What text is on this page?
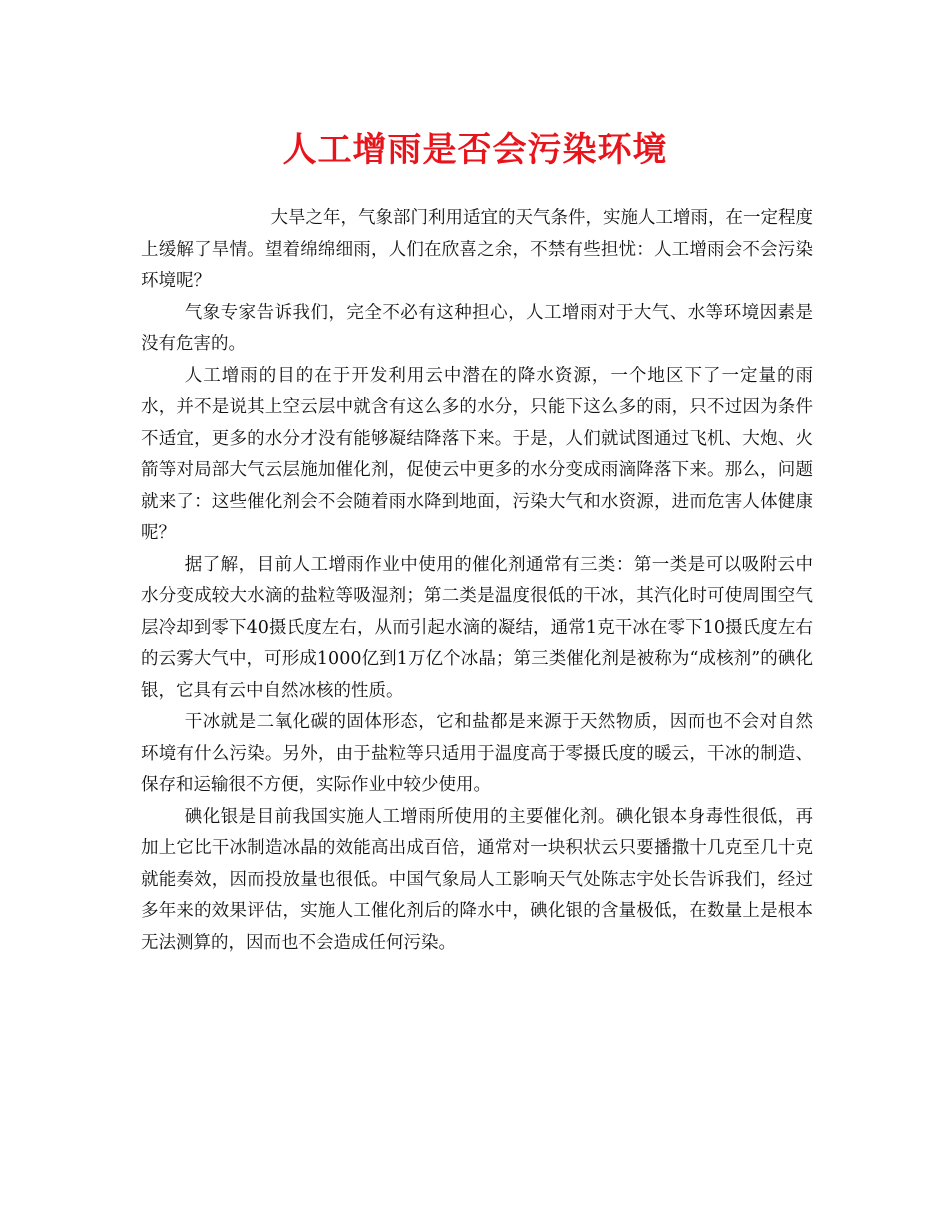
人工增雨是否会污染环境

大旱之年，气象部门利用适宜的天气条件，实施人工增雨，在一定程度上缓解了旱情。望着绵绵细雨，人们在欣喜之余，不禁有些担忧：人工增雨会不会污染环境呢？

气象专家告诉我们，完全不必有这种担心，人工增雨对于大气、水等环境因素是没有危害的。

人工增雨的目的在于开发利用云中潜在的降水资源，一个地区下了一定量的雨水，并不是说其上空云层中就含有这么多的水分，只能下这么多的雨，只不过因为条件不适宜，更多的水分才没有能够凝结降落下来。于是，人们就试图通过飞机、大炮、火箭等对局部大气云层施加催化剂，促使云中更多的水分变成雨滴降落下来。那么，问题就来了：这些催化剂会不会随着雨水降到地面，污染大气和水资源，进而危害人体健康呢？

据了解，目前人工增雨作业中使用的催化剂通常有三类：第一类是可以吸附云中水分变成较大水滴的盐粒等吸湿剂；第二类是温度很低的干冰，其汽化时可使周围空气层冷却到零下40摄氏度左右，从而引起水滴的凝结，通常1克干冰在零下10摄氏度左右的云雾大气中，可形成1000亿到1万亿个冰晶；第三类催化剂是被称为“成核剂”的碘化银，它具有云中自然冰核的性质。

干冰就是二氧化碳的固体形态，它和盐都是来源于天然物质，因而也不会对自然环境有什么污染。另外，由于盐粒等只适用于温度高于零摄氏度的暖云，干冰的制造、保存和运输很不方便，实际作业中较少使用。

碘化银是目前我国实施人工增雨所使用的主要催化剂。碘化银本身毒性很低，再加上它比干冰制造冰晶的效能高出成百倍，通常对一块积状云只要播撒十几克至几十克就能奏效，因而投放量也很低。中国气象局人工影响天气处陈志宇处长告诉我们，经过多年来的效果评估，实施人工催化剂后的降水中，碘化银的含量极低，在数量上是根本无法测算的，因而也不会造成任何污染。
